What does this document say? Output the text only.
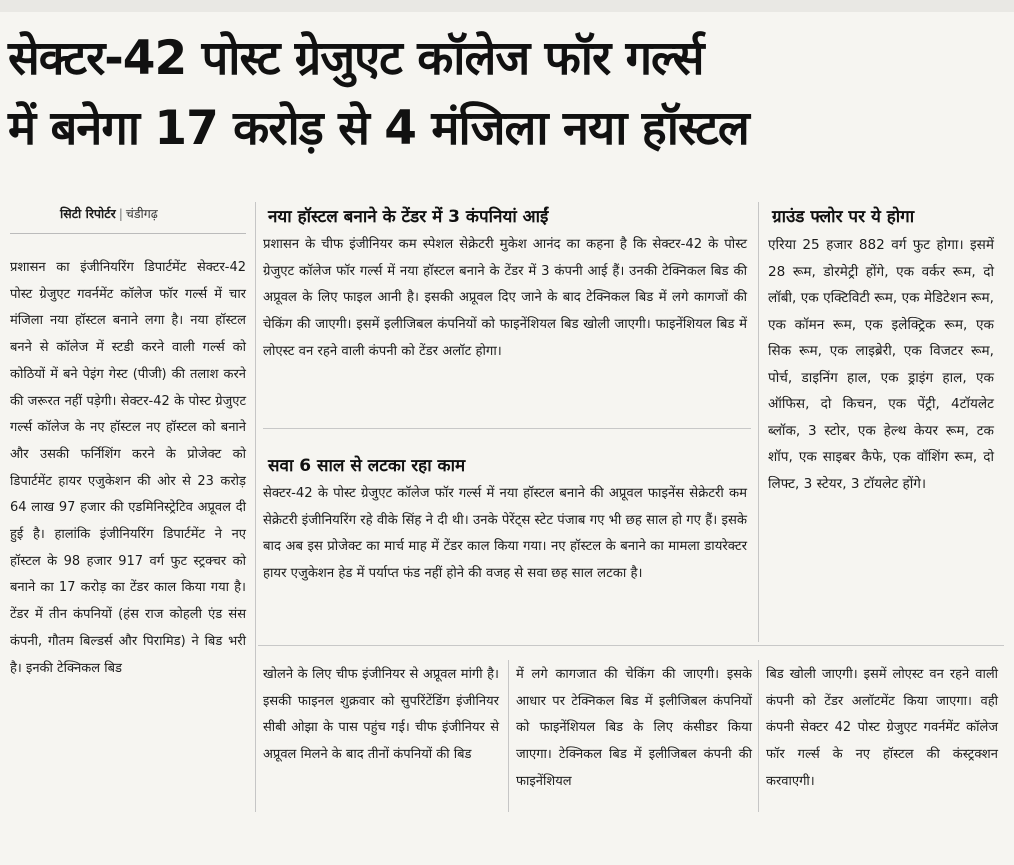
सेक्टर-42 पोस्ट ग्रेजुएट कॉलेज फॉर गर्ल्स
में बनेगा 17 करोड़ से 4 मंजिला नया हॉस्टल
सिटी रिपोर्टर | चंडीगढ़

प्रशासन का इंजीनियरिंग डिपार्टमेंट सेक्टर-42 पोस्ट ग्रेजुएट गवर्नमेंट कॉलेज फॉर गर्ल्स में चार मंजिला नया हॉस्टल बनाने लगा है। नया हॉस्टल बनने से कॉलेज में स्टडी करने वाली गर्ल्स को कोठियों में बने पेइंग गेस्ट (पीजी) की तलाश करने की जरूरत नहीं पड़ेगी। सेक्टर-42 के पोस्ट ग्रेजुएट गर्ल्स कॉलेज के नए हॉस्टल नए हॉस्टल को बनाने और उसकी फर्निशिंग करने के प्रोजेक्ट को डिपार्टमेंट हायर एजुकेशन की ओर से 23 करोड़ 64 लाख 97 हजार की एडमिनिस्ट्रेटिव अप्रूवल दी हुई है। हालांकि इंजीनियरिंग डिपार्टमेंट ने नए हॉस्टल के 98 हजार 917 वर्ग फुट स्ट्रक्चर को बनाने का 17 करोड़ का टेंडर काल किया गया है। टेंडर में तीन कंपनियों (हंस राज कोहली एंड संस कंपनी, गौतम बिल्डर्स और पिरामिड) ने बिड भरी है। इनकी टेक्निकल बिड

नया हॉस्टल बनाने के टेंडर में 3 कंपनियां आईं

प्रशासन के चीफ इंजीनियर कम स्पेशल सेक्रेटरी मुकेश आनंद का कहना है कि सेक्टर-42 के पोस्ट ग्रेजुएट कॉलेज फॉर गर्ल्स में नया हॉस्टल बनाने के टेंडर में 3 कंपनी आई हैं। उनकी टेक्निकल बिड की अप्रूवल के लिए फाइल आनी है। इसकी अप्रूवल दिए जाने के बाद टेक्निकल बिड में लगे कागजों की चेकिंग की जाएगी। इसमें इलीजिबल कंपनियों को फाइनेंशियल बिड खोली जाएगी। फाइनेंशियल बिड में लोएस्ट वन रहने वाली कंपनी को टेंडर अलॉट होगा।

सवा 6 साल से लटका रहा काम

सेक्टर-42 के पोस्ट ग्रेजुएट कॉलेज फॉर गर्ल्स में नया हॉस्टल बनाने की अप्रूवल फाइनेंस सेक्रेटरी कम सेक्रेटरी इंजीनियरिंग रहे वीके सिंह ने दी थी। उनके पेरेंट्स स्टेट पंजाब गए भी छह साल हो गए हैं। इसके बाद अब इस प्रोजेक्ट का मार्च माह में टेंडर काल किया गया। नए हॉस्टल के बनाने का मामला डायरेक्टर हायर एजुकेशन हेड में पर्याप्त फंड नहीं होने की वजह से सवा छह साल लटका है।

ग्राउंड फ्लोर पर ये होगा

एरिया 25 हजार 882 वर्ग फुट होगा। इसमें 28 रूम, डोरमेट्री होंगे, एक वर्कर रूम, दो लॉबी, एक एक्टिविटी रूम, एक मेडिटेशन रूम, एक कॉमन रूम, एक इलेक्ट्रिक रूम, एक सिक रूम, एक लाइब्रेरी, एक विजटर रूम, पोर्च, डाइनिंग हाल, एक ड्राइंग हाल, एक ऑफिस, दो किचन, एक पेंट्री, 4टॉयलेट ब्लॉक, 3 स्टोर, एक हेल्थ केयर रूम, टक शॉप, एक साइबर कैफे, एक वॉशिंग रूम, दो लिफ्ट, 3 स्टेयर, 3 टॉयलेट होंगे।

खोलने के लिए चीफ इंजीनियर से अप्रूवल मांगी है। इसकी फाइनल शुक्रवार को सुपरिंटेंडिंग इंजीनियर सीबी ओझा के पास पहुंच गई। चीफ इंजीनियर से अप्रूवल मिलने के बाद तीनों कंपनियों की बिड

में लगे कागजात की चेकिंग की जाएगी। इसके आधार पर टेक्निकल बिड में इलीजिबल कंपनियों को फाइनेंशियल बिड के लिए कंसीडर किया जाएगा। टेक्निकल बिड में इलीजिबल कंपनी की फाइनेंशियल

बिड खोली जाएगी। इसमें लोएस्ट वन रहने वाली कंपनी को टेंडर अलॉटमेंट किया जाएगा। वही कंपनी सेक्टर 42 पोस्ट ग्रेजुएट गवर्नमेंट कॉलेज फॉर गर्ल्स के नए हॉस्टल की कंस्ट्रक्शन करवाएगी।
